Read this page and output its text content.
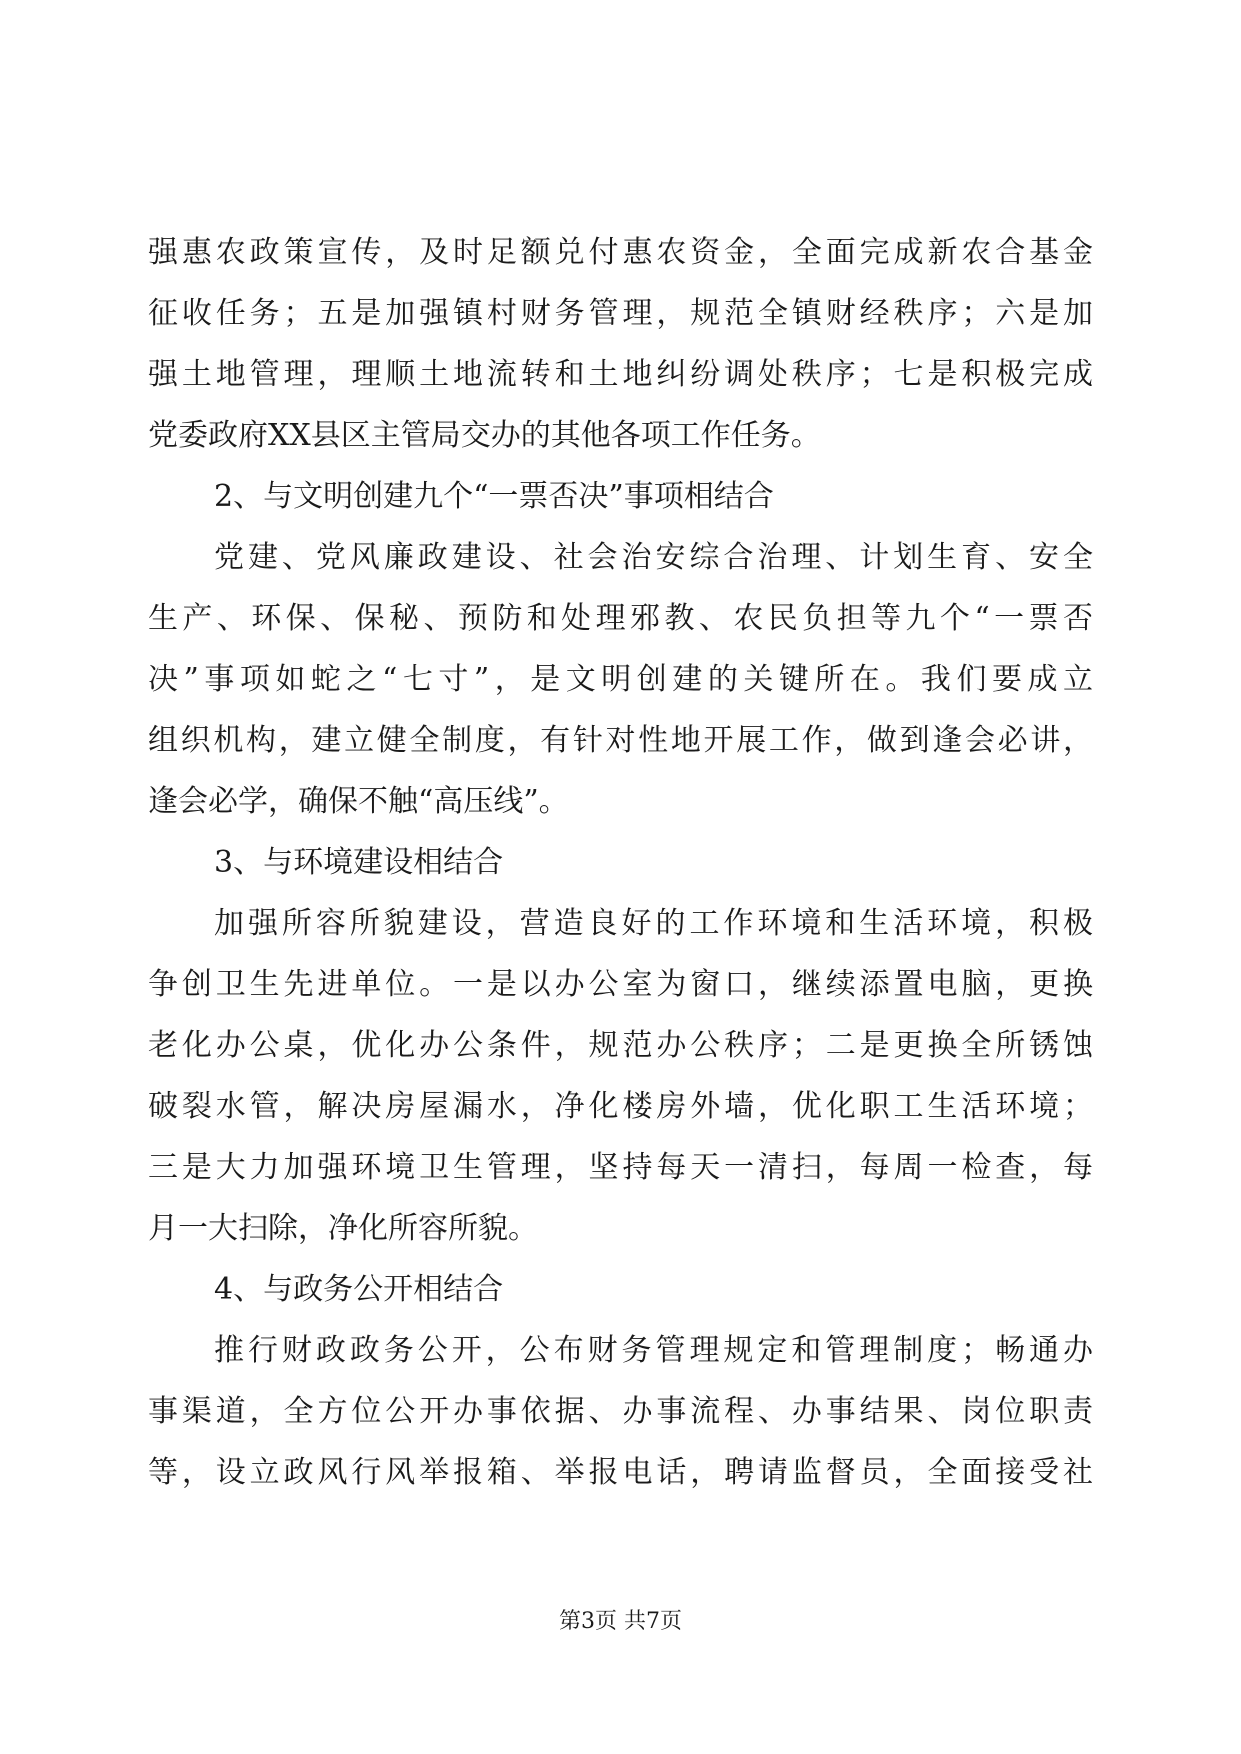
强惠农政策宣传，及时足额兑付惠农资金，全面完成新农合基金
征收任务；五是加强镇村财务管理，规范全镇财经秩序；六是加
强土地管理，理顺土地流转和土地纠纷调处秩序；七是积极完成
党委政府XX县区主管局交办的其他各项工作任务。
2、与文明创建九个“一票否决”事项相结合
党建、党风廉政建设、社会治安综合治理、计划生育、安全
生产、环保、保秘、预防和处理邪教、农民负担等九个“一票否
决”事项如蛇之“七寸”，是文明创建的关键所在。我们要成立
组织机构，建立健全制度，有针对性地开展工作，做到逢会必讲，
逢会必学，确保不触“高压线”。
3、与环境建设相结合
加强所容所貌建设，营造良好的工作环境和生活环境，积极
争创卫生先进单位。一是以办公室为窗口，继续添置电脑，更换
老化办公桌，优化办公条件，规范办公秩序；二是更换全所锈蚀
破裂水管，解决房屋漏水，净化楼房外墙，优化职工生活环境；
三是大力加强环境卫生管理，坚持每天一清扫，每周一检查，每
月一大扫除，净化所容所貌。
4、与政务公开相结合
推行财政政务公开，公布财务管理规定和管理制度；畅通办
事渠道，全方位公开办事依据、办事流程、办事结果、岗位职责
等，设立政风行风举报箱、举报电话，聘请监督员，全面接受社
第3页 共7页
